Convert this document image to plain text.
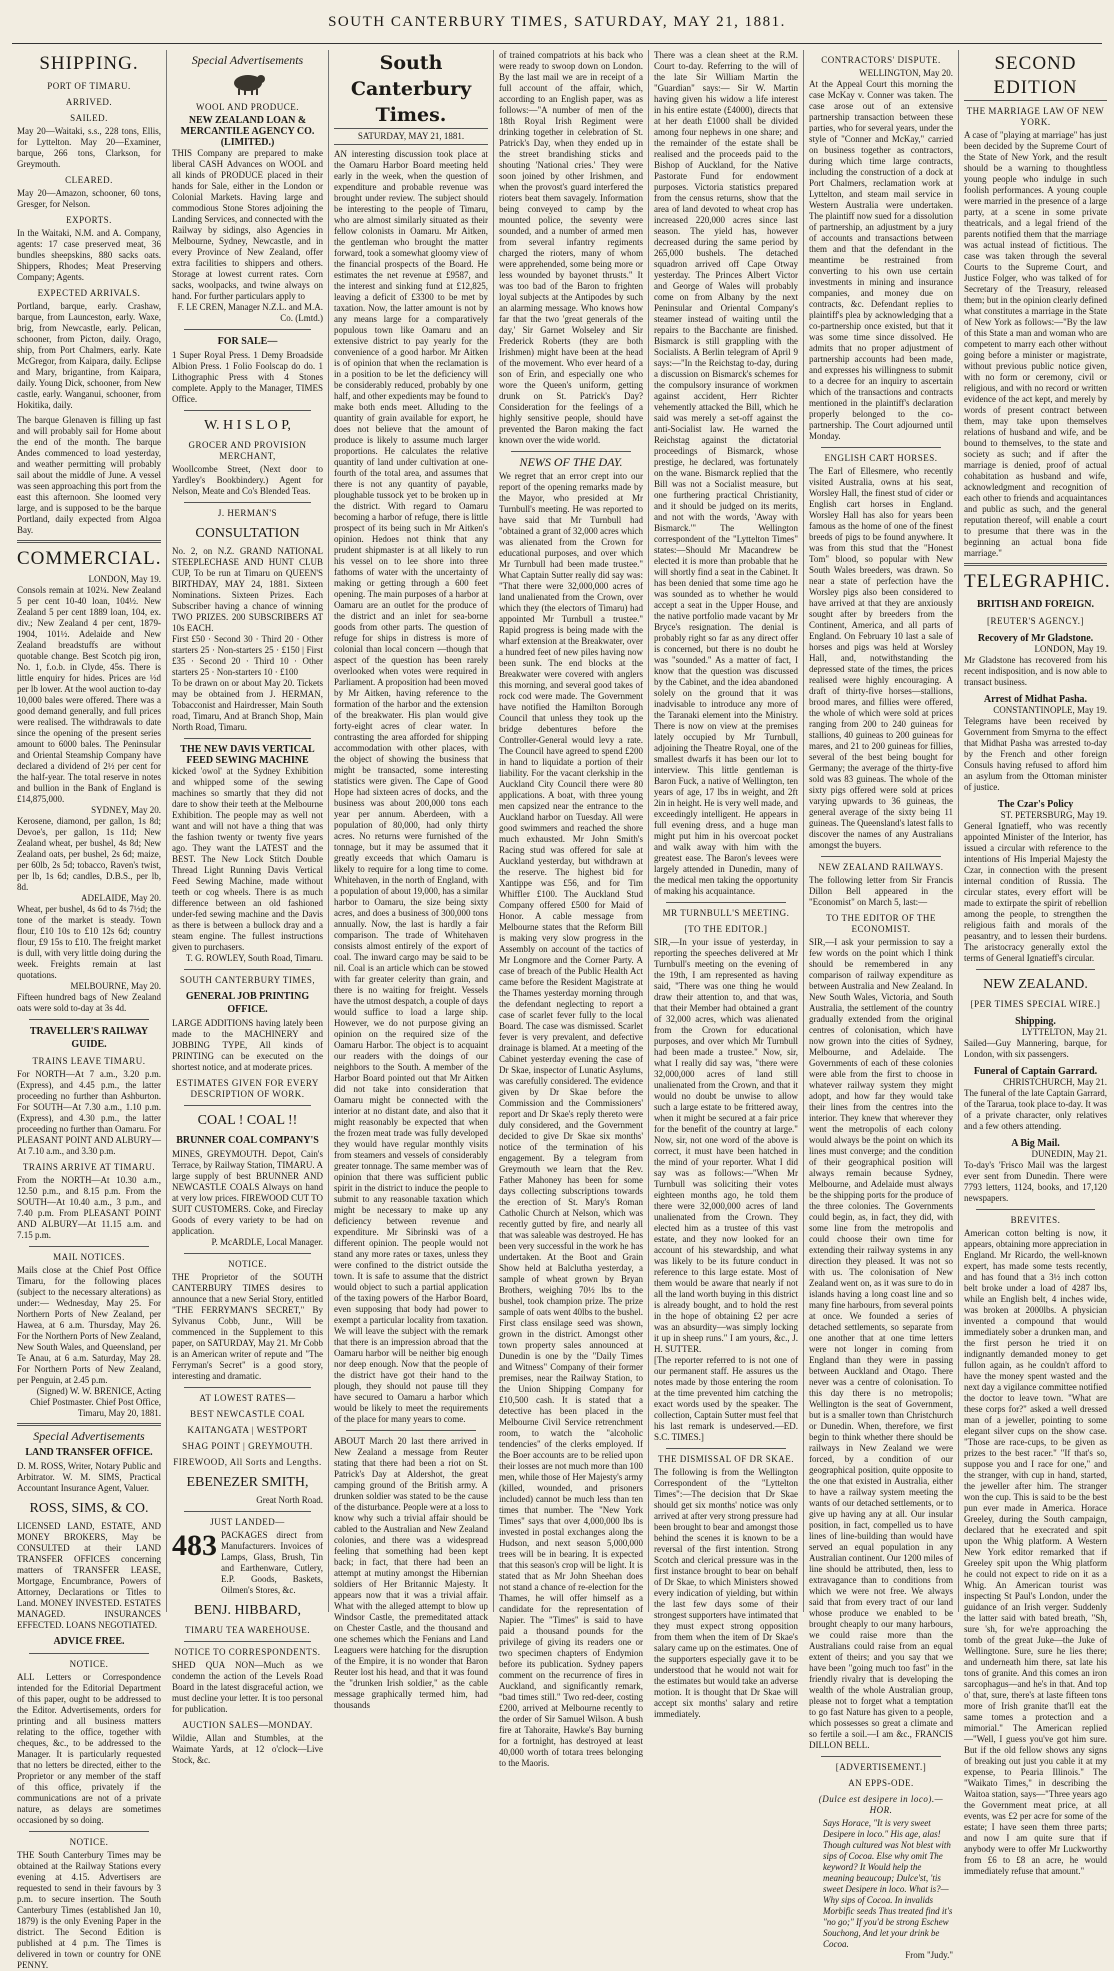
SOUTH CANTERBURY TIMES, SATURDAY, MAY 21, 1881.
SHIPPING.
PORT OF TIMARU.
ARRIVED.
SAILED.
May 20—Waitaki, s.s., 228 tons, Ellis, for Lyttelton. May 20—Examiner, barque, 266 tons, Clarkson, for Greymouth.
CLEARED.
May 20—Amazon, schooner, 60 tons, Gresger, for Nelson.
EXPORTS.
In the Waitaki, N.M. and A. Company, agents: 17 case preserved meat, 36 bundles sheepskins, 880 sacks oats. Shippers, Rhodes; Meat Preserving Company; Agents.
EXPECTED ARRIVALS.
Portland, barque, early. Crashaw, barque, from Launceston, early. Waxe, brig, from Newcastle, early. Pelican, schooner, from Picton, daily. Orago, ship, from Port Chalmers, early. Kate McGregor, from Kaipara, daily. Eclipse and Mary, brigantine, from Kaipara, daily. Young Dick, schooner, from New castle, early. Wanganui, schooner, from Hokitika, daily.
The barque Glenaven is filling up fast and will probably sail for Home about the end of the month. The barque Andes commenced to load yesterday, and weather permitting will probably sail about the middle of June. A vessel was seen approaching this port from the east this afternoon. She loomed very large, and is supposed to be the barque Portland, daily expected from Algoa Bay.
COMMERCIAL.
LONDON, May 19.
Consols remain at 102¼. New Zealand 5 per cent 10-40 loan, 104½. New Zealand 5 per cent 1889 loan, 104, ex. div.; New Zealand 4 per cent, 1879-1904, 101½. Adelaide and New Zealand breadstuffs are without quotable change. Best Scotch pig iron, No. 1, f.o.b. in Clyde, 45s. There is little enquiry for hides. Prices are ½d per lb lower. At the wool auction to-day 10,000 bales were offered. There was a good demand generally, and full prices were realised. The withdrawals to date since the opening of the present series amount to 6000 bales. The Peninsular and Oriental Steamship Company have declared a dividend of 2½ per cent for the half-year. The total reserve in notes and bullion in the Bank of England is £14,875,000.
SYDNEY, May 20.
Kerosene, diamond, per gallon, 1s 8d; Devoe's, per gallon, 1s 11d; New Zealand wheat, per bushel, 4s 8d; New Zealand oats, per bushel, 2s 6d; maize, per 60lb, 2s 5d; tobacco, Raven's twist, per lb, 1s 6d; candles, D.B.S., per lb, 8d.
ADELAIDE, May 20.
Wheat, per bushel, 4s 6d to 4s 7½d; the tone of the market is steady. Town flour, £10 10s to £10 12s 6d; country flour, £9 15s to £10. The freight market is dull, with very little doing during the week. Freights remain at last quotations.
MELBOURNE, May 20.
Fifteen hundred bags of New Zealand oats were sold to-day at 3s 4d.
TRAVELLER'S RAILWAY GUIDE.
TRAINS LEAVE TIMARU.
For NORTH—At 7 a.m., 3.20 p.m. (Express), and 4.45 p.m., the latter proceeding no further than Ashburton. For SOUTH—At 7.30 a.m., 1.10 p.m. (Express), and 4.30 p.m., the latter proceeding no further than Oamaru. For PLEASANT POINT AND ALBURY—At 7.10 a.m., and 3.30 p.m.
TRAINS ARRIVE AT TIMARU.
From the NORTH—At 10.30 a.m., 12.50 p.m., and 8.15 p.m. From the SOUTH—At 10.40 a.m., 3 p.m., and 7.40 p.m. From PLEASANT POINT AND ALBURY—At 11.15 a.m. and 7.15 p.m.
MAIL NOTICES.
Mails close at the Chief Post Office Timaru, for the following places (subject to the necessary alterations) as under:— Wednesday, May 25. For Northern Ports of New Zealand, per Hawea, at 6 a.m. Thursday, May 26. For the Northern Ports of New Zealand, New South Wales, and Queensland, per Te Anau, at 6 a.m. Saturday, May 28. For Northern Ports of New Zealand, per Penguin, at 2.45 p.m.
(Signed) W. W. BRENICE, Acting Chief Postmaster. Chief Post Office, Timaru, May 20, 1881.
Special Advertisements
LAND TRANSFER OFFICE.
D. M. ROSS, Writer, Notary Public and Arbitrator. W. M. SIMS, Practical Accountant Insurance Agent, Valuer.
ROSS, SIMS, & CO.
LICENSED LAND, ESTATE, AND MONEY BROKERS, May be CONSULTED at their LAND TRANSFER OFFICES concerning matters of TRANSFER LEASE, Mortgage, Encumbrance, Powers of Attorney, Declarations or Titles to Land. MONEY INVESTED. ESTATES MANAGED. INSURANCES EFFECTED. LOANS NEGOTIATED.
ADVICE FREE.
NOTICE.
ALL Letters or Correspondence intended for the Editorial Department of this paper, ought to be addressed to the Editor. Advertisements, orders for printing and all business matters relating to the office, together with cheques, &c., to be addressed to the Manager. It is particularly requested that no letters be directed, either to the Proprietor or any member of the staff of this office, privately if the communications are not of a private nature, as delays are sometimes occasioned by so doing.
NOTICE.
THE South Canterbury Times may be obtained at the Railway Stations every evening at 4.15. Advertisers are requested to send in their favours by 3 p.m. to secure insertion. The South Canterbury Times (established Jan 10, 1879) is the only Evening Paper in the district. The Second Edition is published at 4 p.m. The Times is delivered in town or country for ONE PENNY.
Special Advertisements
WOOL AND PRODUCE.
NEW ZEALAND LOAN & MERCANTILE AGENCY CO. (LIMITED.)
THIS Company are prepared to make liberal CASH Advances on WOOL and all kinds of PRODUCE placed in their hands for Sale, either in the London or Colonial Markets. Having large and commodious Stone Stores adjoining the Landing Services, and connected with the Railway by sidings, also Agencies in Melbourne, Sydney, Newcastle, and in every Province of New Zealand, offer extra facilities to shippers and others. Storage at lowest current rates. Corn sacks, woolpacks, and twine always on hand. For further particulars apply to
F. LE CREN, Manager N.Z.L. and M.A. Co. (Lmtd.)
FOR SALE—
1 Super Royal Press. 1 Demy Broadside Albion Press. 1 Folio Foolscap do do. 1 Lithographic Press with 4 Stones complete. Apply to the Manager, TIMES Office.
W. H I S L O P,
GROCER AND PROVISION MERCHANT,
Woollcombe Street, (Next door to Yardley's Bookbindery.) Agent for Nelson, Meate and Co's Blended Teas.
J. HERMAN'S
CONSULTATION
No. 2, on N.Z. GRAND NATIONAL STEEPLECHASE AND HUNT CLUB CUP, To be run at Timaru on QUEEN'S BIRTHDAY, MAY 24, 1881. Sixteen Nominations. Sixteen Prizes. Each Subscriber having a chance of winning TWO PRIZES. 200 SUBSCRIBERS AT 10s EACH.
First £50 · Second 30 · Third 20 · Other starters 25 · Non-starters 25 · £150 | First £35 · Second 20 · Third 10 · Other starters 25 · Non-starters 10 · £100
To be drawn on or about May 20. Tickets may be obtained from J. HERMAN, Tobacconist and Hairdresser, Main South road, Timaru, And at Branch Shop, Main North Road, Timaru.
THE NEW DAVIS VERTICAL FEED SEWING MACHINE
kicked 'owol' at the Sydney Exhibition and whipped some of the sewing machines so smartly that they did not dare to show their teeth at the Melbourne Exhibition. The people may as well not want and will not have a thing that was the fashion twenty or twenty five years ago. They want the LATEST and the BEST. The New Lock Stitch Double Thread Light Running Davis Vertical Feed Sewing Machine, made without teeth or cog wheels. There is as much difference between an old fashioned under-fed sewing machine and the Davis as there is between a bullock dray and a steam engine. The fullest instructions given to purchasers.
T. G. ROWLEY, South Road, Timaru.
SOUTH CANTERBURY TIMES,
GENERAL JOB PRINTING OFFICE.
LARGE ADDITIONS having lately been made to the MACHINERY and JOBBING TYPE, All kinds of PRINTING can be executed on the shortest notice, and at moderate prices.
ESTIMATES GIVEN FOR EVERY DESCRIPTION OF WORK.
COAL ! COAL !!
BRUNNER COAL COMPANY'S
MINES, GREYMOUTH. Depot, Cain's Terrace, by Railway Station, TIMARU. A large supply of best BRUNNER AND NEWCASTLE COALS Always on hand at very low prices. FIREWOOD CUT TO SUIT CUSTOMERS. Coke, and Fireclay Goods of every variety to be had on application.
P. McARDLE, Local Manager.
NOTICE.
THE Proprietor of the SOUTH CANTERBURY TIMES desires to announce that a new Serial Story, entitled "THE FERRYMAN'S SECRET," By Sylvanus Cobb, Junr., Will be commenced in the Supplement to this paper, on SATURDAY, May 21. Mr Cobb is an American writer of repute and "The Ferryman's Secret" is a good story, interesting and dramatic.
AT LOWEST RATES—
BEST NEWCASTLE COAL
KAITANGATA | WESTPORT
SHAG POINT | GREYMOUTH.
FIREWOOD, All Sorts and Lengths.
EBENEZER SMITH,
Great North Road.
JUST LANDED—
483 PACKAGES direct from Manufacturers. Invoices of Lamps, Glass, Brush, Tin and Earthenware, Cutlery, E.P. Goods, Baskets, Oilmen's Stores, &c.
BENJ. HIBBARD,
TIMARU TEA WAREHOUSE.
NOTICE TO CORRESPONDENTS.
SHED QUA NON—Much as we condemn the action of the Levels Road Board in the latest disgraceful action, we must decline your letter. It is too personal for publication.
AUCTION SALES—MONDAY.
Wildie, Allan and Stumbles, at the Waimate Yards, at 12 o'clock—Live Stock, &c.
South Canterbury Times.
SATURDAY, MAY 21, 1881.
AN interesting discussion took place at the Oamaru Harbor Board meeting held early in the week, when the question of expenditure and probable revenue was brought under review. The subject should be interesting to the people of Timaru, who are almost similarly situated as their fellow colonists in Oamaru. Mr Aitken, the gentleman who brought the matter forward, took a somewhat gloomy view of the financial prospects of the Board. He estimates the net revenue at £9587, and the interest and sinking fund at £12,825, leaving a deficit of £3300 to be met by taxation. Now, the latter amount is not by any means large for a comparatively populous town like Oamaru and an extensive district to pay yearly for the convenience of a good harbor. Mr Aitken is of opinion that when the reclamation is in a position to be let the deficiency will be considerably reduced, probably by one half, and other expedients may be found to make both ends meet. Alluding to the quantity of grain available for export, he does not believe that the amount of produce is likely to assume much larger proportions. He calculates the relative quantity of land under cultivation at one-fourth of the total area, and assumes that there is not any quantity of payable, ploughable tussock yet to be broken up in the district. With regard to Oamaru becoming a harbor of refuge, there is little prospect of its being such in Mr Aitken's opinion. Hedoes not think that any prudent shipmaster is at all likely to run his vessel on to lee shore into three fathoms of water with the uncertainty of making or getting through a 600 feet opening. The main purposes of a harbor at Oamaru are an outlet for the produce of the district and an inlet for sea-borne goods from other parts. The question of refuge for ships in distress is more of colonial than local concern —though that aspect of the question has been rarely overlooked when votes were required in Parliament. A proposition had been moved by Mr Aitken, having reference to the formation of the harbor and the extension of the breakwater. His plan would give forty-eight acres of clear water. In contrasting the area afforded for shipping accommodation with other places, with the object of showing the business that might be transacted, some interesting statistics were given. The Cape of Good Hope had sixteen acres of docks, and the business was about 200,000 tons each year per annum. Aberdeen, with a population of 80,000, had only thirty acres. No returns were furnished of the tonnage, but it may be assumed that it greatly exceeds that which Oamaru is likely to require for a long time to come. Whitehaven, in the north of England, with a population of about 19,000, has a similar harbor to Oamaru, the size being sixty acres, and does a business of 300,000 tons annually. Now, the last is hardly a fair comparison. The trade of Whitehaven consists almost entirely of the export of coal. The inward cargo may be said to be nil. Coal is an article which can be stowed with far greater celerity than grain, and there is no waiting for freight. Vessels have the utmost despatch, a couple of days would suffice to load a large ship. However, we do not purpose giving an opinion on the required size of the Oamaru Harbor. The object is to acquaint our readers with the doings of our neighbors to the South. A member of the Harbor Board pointed out that Mr Aitken did not take into consideration that Oamaru might be connected with the interior at no distant date, and also that it might reasonably be expected that when the frozen meat trade was fully developed they would have regular monthly visits from steamers and vessels of considerably greater tonnage. The same member was of opinion that there was sufficient public spirit in the district to induce the people to submit to any reasonable taxation which might be necessary to make up any deficiency between revenue and expenditure. Mr Sibrinski was of a different opinion. The people would not stand any more rates or taxes, unless they were confined to the district outside the town. It is safe to assume that the district would object to such a partial application of the taxing powers of the Harbor Board, even supposing that body had power to exempt a particular locality from taxation. We will leave the subject with the remark that there is an impression abroad that the Oamaru harbor will be neither big enough nor deep enough. Now that the people of the district have got their hand to the plough, they should not pause till they have secured to Oamaru a harbor which would be likely to meet the requirements of the place for many years to come.
ABOUT March 20 last there arrived in New Zealand a message from Reuter stating that there had been a riot on St. Patrick's Day at Aldershot, the great camping ground of the British army. A drunken soldier was stated to be the cause of the disturbance. People were at a loss to know why such a trivial affair should be cabled to the Australian and New Zealand colonies, and there was a widespread feeling that something had been kept back; in fact, that there had been an attempt at mutiny amongst the Hibernian soldiers of Her Britannic Majesty. It appears now that it was a trivial affair. What with the alleged attempt to blow up Windsor Castle, the premeditated attack on Chester Castle, and the thousand and one schemes which the Fenians and Land Leaguers were hatching for the disruption of the Empire, it is no wonder that Baron Reuter lost his head, and that it was found the "drunken Irish soldier," as the cable message graphically termed him, had thousands
of trained compatriots at his back who were ready to swoop down on London. By the last mail we are in receipt of a full account of the affair, which, according to an English paper, was as follows:—"A number of men of the 18th Royal Irish Regiment were drinking together in celebration of St. Patrick's Day, when they ended up in the street brandishing sticks and shouting 'National cries.' They were soon joined by other Irishmen, and when the provost's guard interfered the rioters beat them savagely. Information being conveyed to camp by the mounted police, the seventy were sounded, and a number of armed men from several infantry regiments charged the rioters, many of whom were apprehended, some being more or less wounded by bayonet thrusts." It was too bad of the Baron to frighten loyal subjects at the Antipodes by such an alarming message. Who knows how far that the two 'great generals of the day,' Sir Garnet Wolseley and Sir Frederick Roberts (they are both Irishmen) might have been at the head of the movement. Who ever heard of a son of Erin, and especially one who wore the Queen's uniform, getting drunk on St. Patrick's Day? Consideration for the feelings of a highly sensitive people, should have prevented the Baron making the fact known over the wide world.
NEWS OF THE DAY.
We regret that an error crept into our report of the opening remarks made by the Mayor, who presided at Mr Turnbull's meeting. He was reported to have said that Mr Turnbull had "obtained a grant of 32,000 acres which was alienated from the Crown for educational purposes, and over which Mr Turnbull had been made trustee." What Captain Sutter really did say was: "That there were 32,000,000 acres of land unalienated from the Crown, over which they (the electors of Timaru) had appointed Mr Turnbull a trustee." Rapid progress is being made with the wharf extension at the Breakwater, over a hundred feet of new piles having now been sunk. The end blocks at the Breakwater were covered with anglers this morning, and several good takes of rock cod were made. The Government have notified the Hamilton Borough Council that unless they took up the bridge debentures before the Controller-General would levy a rate. The Council have agreed to spend £200 in hand to liquidate a portion of their liability. For the vacant clerkship in the Auckland City Council there were 80 applications. A boat, with three young men capsized near the entrance to the Auckland harbor on Tuesday. All were good swimmers and reached the shore much exhausted. Mr John Smith's Racing stud was offered for sale at Auckland yesterday, but withdrawn at the reserve. The highest bid for Xantippe was £56, and for Tim Whiffler £100. The Auckland Stud Company offered £500 for Maid of Honor. A cable message from Melbourne states that the Reform Bill is making very slow progress in the Assembly on account of the tactics of Mr Longmore and the Corner Party. A case of breach of the Public Health Act came before the Resident Magistrate at the Thames yesterday morning through the defendant neglecting to report a case of scarlet fever fully to the local Board. The case was dismissed. Scarlet fever is very prevalent, and defective drainage is blamed. At a meeting of the Cabinet yesterday evening the case of Dr Skae, inspector of Lunatic Asylums, was carefully considered. The evidence given by Dr Skae before the Commission and the Commissioners' report and Dr Skae's reply thereto were duly considered, and the Government decided to give Dr Skae six months' notice of the termination of his engagement. By a telegram from Greymouth we learn that the Rev. Father Mahoney has been for some days collecting subscriptions towards the erection of St. Mary's Roman Catholic Church at Nelson, which was recently gutted by fire, and nearly all that was saleable was destroyed. He has been very successful in the work he has undertaken. At the Boot and Grain Show held at Balclutha yesterday, a sample of wheat grown by Bryan Brothers, weighing 70½ lbs to the bushel, took champion prize. The prize sample of oats went 40lbs to the bushel. First class ensilage seed was shown, grown in the district. Amongst other town property sales announced at Dunedin is one by the "Daily Times and Witness" Company of their former premises, near the Railway Station, to the Union Shipping Company for £10,500 cash. It is stated that a detective has been placed in the Melbourne Civil Service retrenchment room, to watch the "alcoholic tendencies" of the clerks employed. If the Boer accounts are to be relied upon their losses are not much more than 100 men, while those of Her Majesty's army (killed, wounded, and prisoners included) cannot be much less than ten times that number. The "New York Times" says that over 4,000,000 lbs is invested in postal exchanges along the Hudson, and next season 5,000,000 trees will be in bearing. It is expected that this season's crop will be light. It is stated that as Mr John Sheehan does not stand a chance of re-election for the Thames, he will offer himself as a candidate for the representation of Napier. The "Times" is said to have paid a thousand pounds for the privilege of giving its readers one or two specimen chapters of Endymion before its publication. Sydney papers comment on the recurrence of fires in Auckland, and significantly remark, "bad times still." Two red-deer, costing £200, arrived at Melbourne recently to the order of Sir Samuel Wilson. A bush fire at Tahoraite, Hawke's Bay burning for a fortnight, has destroyed at least 40,000 worth of totara trees belonging to the Maoris.
There was a clean sheet at the R.M. Court to-day. Referring to the will of the late Sir William Martin the "Guardian" says:— Sir W. Martin having given his widow a life interest in his entire estate (£4000), directs that at her death £1000 shall be divided among four nephews in one share; and the remainder of the estate shall be realised and the proceeds paid to the Bishop of Auckland, for the Native Pastorate Fund for endowment purposes. Victoria statistics prepared from the census returns, show that the area of land devoted to wheat crop has increased 220,000 acres since last season. The yield has, however decreased during the same period by 265,000 bushels. The detached squadron arrived off Cape Otway yesterday. The Princes Albert Victor and George of Wales will probably come on from Albany by the next Peninsular and Oriental Company's steamer instead of waiting until the repairs to the Bacchante are finished. Bismarck is still grappling with the Socialists. A Berlin telegram of April 9 says:—"In the Reichstag to-day, during a discussion on Bismarck's schemes for the compulsory insurance of workmen against accident, Herr Richter vehemently attacked the Bill, which he said was merely a set-off against the anti-Socialist law. He warned the Reichstag against the dictatorial proceedings of Bismarck, whose prestige, he declared, was fortunately on the wane. Bismarck replied that the Bill was not a Socialist measure, but one furthering practical Christianity, and it should be judged on its merits, and not with the words, 'Away with Bismarck.'" The Wellington correspondent of the "Lyttelton Times" states:—Should Mr Macandrew be elected it is more than probable that he will shortly find a seat in the Cabinet. It has been denied that some time ago he was sounded as to whether he would accept a seat in the Upper House, and the native portfolio made vacant by Mr Bryce's resignation. The denial is probably right so far as any direct offer is concerned, but there is no doubt he was "sounded." As a matter of fact, I know that the question was discussed by the Cabinet, and the idea abandoned solely on the ground that it was inadvisable to introduce any more of the Taranaki element into the Ministry. There is now on view at the premises lately occupied by Mr Turnbull, adjoining the Theatre Royal, one of the smallest dwarfs it has been our lot to interview. This little gentleman is Baron Fuck, a native of Wellington, ten years of age, 17 lbs in weight, and 2ft 2in in height. He is very well made, and exceedingly intelligent. He appears in full evening dress, and a huge man might put him in his overcoat pocket and walk away with him with the greatest ease. The Baron's levees were largely attended in Dunedin, many of the medical men taking the opportunity of making his acquaintance.
MR TURNBULL'S MEETING.
[TO THE EDITOR.]
SIR,—In your issue of yesterday, in reporting the speeches delivered at Mr Turnbull's meeting on the evening of the 19th, I am represented as having said, "There was one thing he would draw their attention to, and that was, that their Member had obtained a grant of 32,000 acres, which was alienated from the Crown for educational purposes, and over which Mr Turnbull had been made a trustee." Now, sir, what I really did say was, "there were 32,000,000 acres of land still unalienated from the Crown, and that it would no doubt be unwise to allow such a large estate to be frittered away, when it might be secured at a fair price for the benefit of the country at large." Now, sir, not one word of the above is correct, it must have been hatched in the mind of your reporter. What I did say was as follows:—"When Mr Turnbull was soliciting their votes eighteen months ago, he told them there were 32,000,000 acres of land unalienated from the Crown. They elected him as a trustee of this vast estate, and they now looked for an account of his stewardship, and what was likely to be its future conduct in reference to this large estate. Most of them would be aware that nearly if not all the land worth buying in this district is already bought, and to hold the rest in the hope of obtaining £2 per acre was an absurdity—was simply locking it up in sheep runs." I am yours, &c., J. H. SUTTER.
[The reporter referred to is not one of our permanent staff. He assures us the notes made by those entering the room at the time prevented him catching the exact words used by the speaker. The collection, Captain Sutter must feel that his last remark is undeserved.—ED. S.C. TIMES.]
THE DISMISSAL OF DR SKAE.
The following is from the Wellington Correspondent of the "Lyttelton Times":—The decision that Dr Skae should get six months' notice was only arrived at after very strong pressure had been brought to bear and amongst those behind the scenes it is known to be a reversal of the first intention. Strong Scotch and clerical pressure was in the first instance brought to bear on behalf of Dr Skae, to which Ministers showed every indication of yielding, but within the last few days some of their strongest supporters have intimated that they must expect strong opposition from them when the item of Dr Skae's salary came up on the estimates. One of the supporters especially gave it to be understood that he would not wait for the estimates but would take an adverse motion. It is thought that Dr Skae will accept six months' salary and retire immediately.
CONTRACTORS' DISPUTE.
WELLINGTON, May 20.
At the Appeal Court this morning the case McKay v. Conner was taken. The case arose out of an extensive partnership transaction between these parties, who for several years, under the style of "Conner and McKay," carried on business together as contractors, during which time large contracts, including the construction of a dock at Port Chalmers, reclamation work at Lyttelton, and steam mail service in Western Australia were undertaken. The plaintiff now sued for a dissolution of partnership, an adjustment by a jury of accounts and transactions between them and that the defendant in the meantime be restrained from converting to his own use certain investments in mining and insurance companies, and money due on contracts, &c. Defendant replies to plaintiff's plea by acknowledging that a co-partnership once existed, but that it was some time since dissolved. He admits that no proper adjustment of partnership accounts had been made, and expresses his willingness to submit to a decree for an inquiry to ascertain which of the transactions and contracts mentioned in the plaintiff's declaration properly belonged to the co-partnership. The Court adjourned until Monday.
ENGLISH CART HORSES.
The Earl of Ellesmere, who recently visited Australia, owns at his seat, Worsley Hall, the finest stud of cider or English cart horses in England. Worsley Hall has also for years been famous as the home of one of the finest breeds of pigs to be found anywhere. It was from this stud that the "Honest Tom" blood, so popular with New South Wales breeders, was drawn. So near a state of perfection have the Worsley pigs also been considered to have arrived at that they are anxiously sought after by breeders from the Continent, America, and all parts of England. On February 10 last a sale of horses and pigs was held at Worsley Hall, and, notwithstanding the depressed state of the times, the prices realised were highly encouraging. A draft of thirty-five horses—stallions, brood mares, and fillies were offered, the whole of which were sold at prices ranging from 200 to 240 guineas for stallions, 40 guineas to 200 guineas for mares, and 21 to 200 guineas for fillies, several of the best being bought for Germany; the average of the thirty-five sold was 83 guineas. The whole of the sixty pigs offered were sold at prices varying upwards to 36 guineas, the general average of the sixty being 11 guineas. The Queensland's latest falls to discover the names of any Australians amongst the buyers.
NEW ZEALAND RAILWAYS.
The following letter from Sir Francis Dillon Bell appeared in the "Economist" on March 5, last:—
TO THE EDITOR OF THE ECONOMIST.
SIR,—I ask your permission to say a few words on the point which I think should be remembered in any comparison of railway expenditure as between Australia and New Zealand. In New South Wales, Victoria, and South Australia, the settlement of the country gradually extended from the original centres of colonisation, which have now grown into the cities of Sydney, Melbourne, and Adelaide. The Governments of each of these colonies were able from the first to choose in whatever railway system they might adopt, and how far they would take their lines from the centres into the interior. They knew that wherever they went the metropolis of each colony would always be the point on which its lines must converge; and the condition of their geographical position will always remain because Sydney, Melbourne, and Adelaide must always be the shipping ports for the produce of the three colonies. The Governments could begin, as, in fact, they did, with some line from the metropolis and could choose their own time for extending their railway systems in any direction they pleased. It was not so with us. The colonisation of New Zealand went on, as it was sure to do in islands having a long coast line and so many fine harbours, from several points at once. We founded a series of detached settlements, so separate from one another that at one time letters were not longer in coming from England than they were in passing between Auckland and Otago. There never was a centre of colonisation. To this day there is no metropolis; Wellington is the seat of Government, but is a smaller town than Christchurch or Dunedin. When, therefore, we first begin to think whether there should be railways in New Zealand we were forced, by a condition of our geographical position, quite opposite to the one that existed in Australia, either to have a railway system meeting the wants of our detached settlements, or to give up having any at all. Our insular position, in fact, compelled us to have lines of line-building than would have served an equal population in any Australian continent. Our 1200 miles of line should be attributed, then, less to extravagance than to conditions from which we were not free. We always said that from every tract of our land whose produce we enabled to be brought cheaply to our many harbours, we could raise more than the Australians could raise from an equal extent of theirs; and you say that we have been "going much too fast" in the friendly rivalry that is developing the wealth of the whole Australian group, please not to forget what a temptation to go fast Nature has given to a people, which possesses so great a climate and so fertile a soil.—I am &c., FRANCIS DILLON BELL.
[ADVERTISEMENT.]
AN EPPS-ODE.
(Dulce est desipere in loco).—HOR.
Says Horace, "It is very sweet Desipere in loco." His age, alas! Though cultured was Not blest with sips of Cocoa. Else why omit The keyword? It Would help the meaning beaucoup; Dulce'st, 'tis sweet Desipere in loco. What is?—Why sips of Cocoa. In invalids Morbific seeds Thus treated find it's "no go;" If you'd be strong Eschew Souchong, And let your drink be Cocoa.
From "Judy."
SECOND EDITION
THE MARRIAGE LAW OF NEW YORK.
A case of "playing at marriage" has just been decided by the Supreme Court of the State of New York, and the result should be a warning to thoughtless young people who indulge in such foolish performances. A young couple were married in the presence of a large party, at a scene in some private theatricals, and a legal friend of the parents notified them that the marriage was actual instead of fictitious. The case was taken through the several Courts to the Supreme Court, and Justice Folger, who was talked of for Secretary of the Treasury, released them; but in the opinion clearly defined what constitutes a marriage in the State of New York as follows:—"By the law of this State a man and woman who are competent to marry each other without going before a minister or magistrate, without previous public notice given, with no form or ceremony, civil or religious, and with no record or written evidence of the act kept, and merely by words of present contract between them, may take upon themselves relations of husband and wife, and be bound to themselves, to the state and society as such; and if after the marriage is denied, proof of actual cohabitation as husband and wife, acknowledgment and recognition of each other to friends and acquaintances and public as such, and the general reputation thereof, will enable a court to presume that there was in the beginning an actual bona fide marriage."
TELEGRAPHIC.
BRITISH AND FOREIGN.
[REUTER'S AGENCY.]
Recovery of Mr Gladstone.
LONDON, May 19.
Mr Gladstone has recovered from his recent indisposition, and is now able to transact business.
Arrest of Midhat Pasha.
CONSTANTINOPLE, May 19.
Telegrams have been received by Government from Smyrna to the effect that Midhat Pasha was arrested to-day by the French and other foreign Consuls having refused to afford him an asylum from the Ottoman minister of justice.
The Czar's Policy
ST. PETERSBURG, May 19.
General Ignatieff, who was recently appointed Minister of the Interior, has issued a circular with reference to the intentions of His Imperial Majesty the Czar, in connection with the present internal condition of Russia. The circular states, every effort will be made to extirpate the spirit of rebellion among the people, to strengthen the religious faith and morals of the peasantry, and to lessen their burdens. The aristocracy generally extol the terms of General Ignatieff's circular.
NEW ZEALAND.
[PER TIMES SPECIAL WIRE.]
Shipping.
LYTTELTON, May 21.
Sailed—Guy Mannering, barque, for London, with six passengers.
Funeral of Captain Garrard.
CHRISTCHURCH, May 21.
The funeral of the late Captain Garrard, of the Tararua, took place to-day. It was of a private character, only relatives and a few others attending.
A Big Mail.
DUNEDIN, May 21.
To-day's 'Frisco Mail was the largest ever sent from Dunedin. There were 7793 letters, 1124, books, and 17,120 newspapers.
BREVITES.
American cotton belting is now, it appears, obtaining more appreciation in England. Mr Ricardo, the well-known expert, has made some tests recently, and has found that a 3½ inch cotton belt broke under a load of 4287 lbs, while an English belt, 4 inches wide, was broken at 2000lbs. A physician invented a compound that would immediately sober a drunken man, and the first person he tried it on indignantly demanded money to get fullon again, as he couldn't afford to have the money spent wasted and the next day a vigilance committee notified the doctor to leave town. "What are these corps for?" asked a well dressed man of a jeweller, pointing to some elegant silver cups on the show case. "Those are race-cups, to be given as prizes to the best racer." "If that's so, suppose you and I race for one," and the stranger, with cup in hand, started, the jeweller after him. The stranger won the cup. This is said to be the best pun ever made in America. Horace Greeley, during the South campaign, declared that he execrated and spit upon the Whig platform. A Western New York editor remarked that if Greeley spit upon the Whig platform he could not expect to ride on it as a Whig. An American tourist was inspecting St Paul's London, under the guidance of an Irish verger. Suddenly the latter said with bated breath, "Sh, sure 'sh, for we're approaching the tomb of the great Juke—the Juke of Wellingtone. Sure, sure he lies there; and underneath him there, sat late his tons of granite. And this comes an iron sarcophagus—and he's in that. And top o' that, sure, there's at laste fifteen tons more of Irish granite that'll eat the same tomes a protection and a mimorial." The American replied—"Well, I guess you've got him sure. But if the old fellow shows any signs of breaking out just you cable it at my expense, to Pearia Illinois." The "Waikato Times," in describing the Waitoa station, says—"Three years ago the Government meat price, at all events, was £2 per acre for some of the estate; I have seen them three parts; and now I am quite sure that if anybody were to offer Mr Luckworthy from £6 to £8 an acre, he would immediately refuse that amount."
